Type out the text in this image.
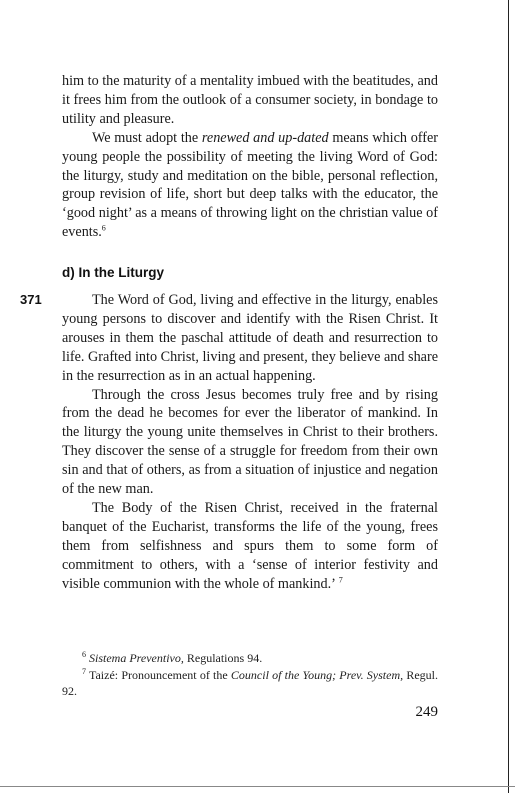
him to the maturity of a mentality imbued with the beatitudes, and it frees him from the outlook of a consumer society, in bondage to utility and pleasure.

We must adopt the renewed and up-dated means which offer young people the possibility of meeting the living Word of God: the liturgy, study and meditation on the bible, personal reflection, group revision of life, short but deep talks with the educator, the ‘good night’ as a means of throwing light on the christian value of events.$^6$

d) In the Liturgy
371	The Word of God, living and effective in the liturgy, enables young persons to discover and identify with the Risen Christ. It arouses in them the paschal attitude of death and resurrection to life. Grafted into Christ, living and present, they believe and share in the resurrection as in an actual happening.

Through the cross Jesus becomes truly free and by rising from the dead he becomes for ever the liberator of mankind. In the liturgy the young unite themselves in Christ to their brothers. They discover the sense of a struggle for freedom from their own sin and that of others, as from a situation of injustice and negation of the new man.

The Body of the Risen Christ, received in the fraternal banquet of the Eucharist, transforms the life of the young, frees them from selfishness and spurs them to some form of commitment to others, with a ‘sense of interior festivity and visible communion with the whole of mankind.’  $^7$

$^6$ Sistema Preventivo, Regulations 94.

$^7$ Taizé: Pronouncement of the Council of the Young; Prev. System, Regul. 92.

249
